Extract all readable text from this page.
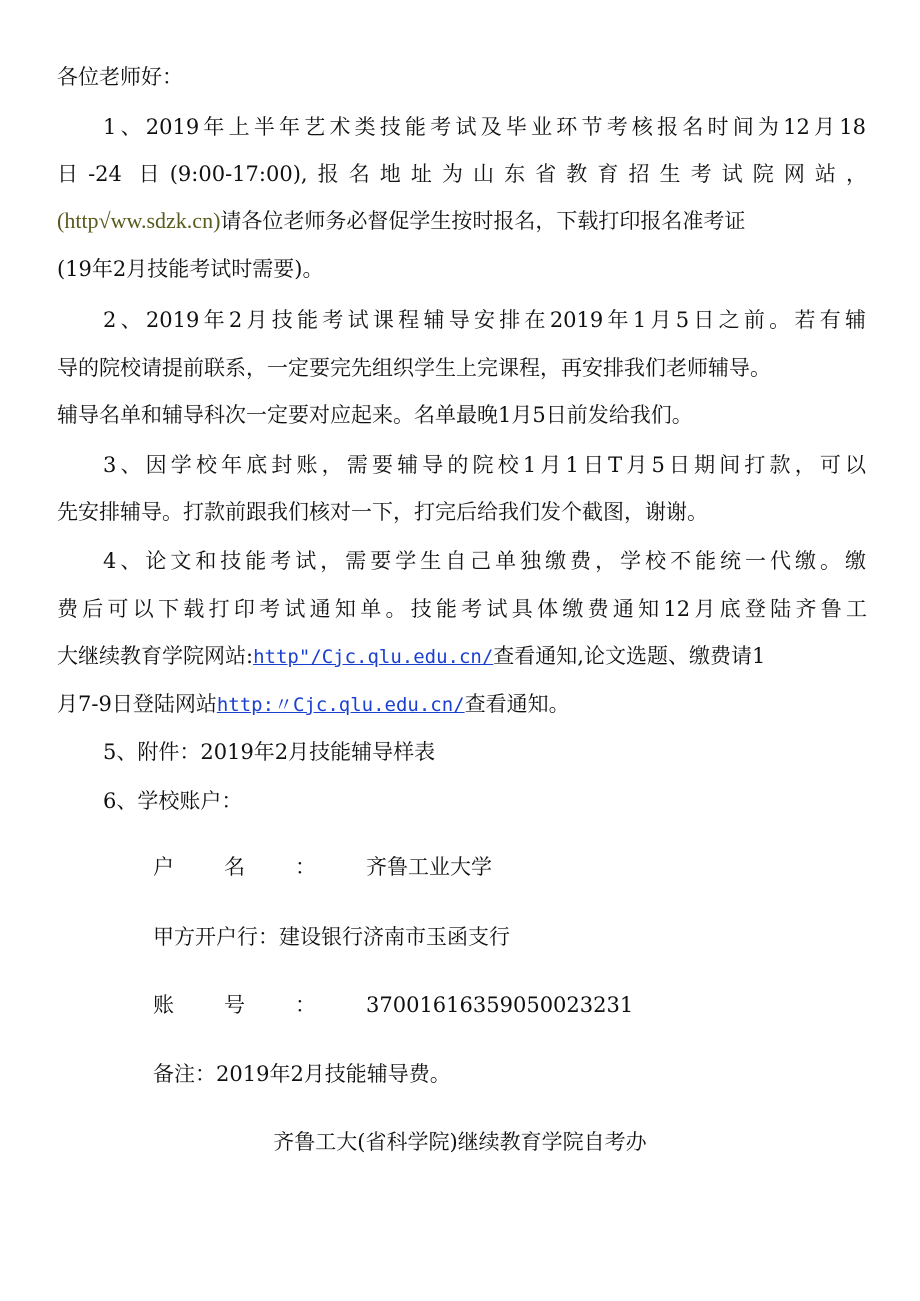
各位老师好：
1、2019年上半年艺术类技能考试及毕业环节考核报名时间为12月18
日-24 日(9:00-17:00),报名地址为山东省教育招生考试院网站，
(http√ww.sdzk.cn)请各位老师务必督促学生按时报名，下载打印报名准考证
(19年2月技能考试时需要)。
2、2019年2月技能考试课程辅导安排在2019年1月5日之前。若有辅
导的院校请提前联系，一定要完先组织学生上完课程，再安排我们老师辅导。
辅导名单和辅导科次一定要对应起来。名单最晚1月5日前发给我们。
3、因学校年底封账，需要辅导的院校1月1日T月5日期间打款，可以
先安排辅导。打款前跟我们核对一下，打完后给我们发个截图，谢谢。
4、论文和技能考试，需要学生自己单独缴费，学校不能统一代缴。缴
费后可以下载打印考试通知单。技能考试具体缴费通知12月底登陆齐鲁工
大继续教育学院网站:http"/Cjc.qlu.edu.cn/查看通知,论文选题、缴费请1
月7-9日登陆网站http:〃Cjc.qlu.edu.cn/查看通知。
5、附件：2019年2月技能辅导样表
6、学校账户：
户名：齐鲁工业大学
甲方开户行：建设银行济南市玉函支行
账号：37001616359050023231
备注：2019年2月技能辅导费。
齐鲁工大(省科学院)继续教育学院自考办
